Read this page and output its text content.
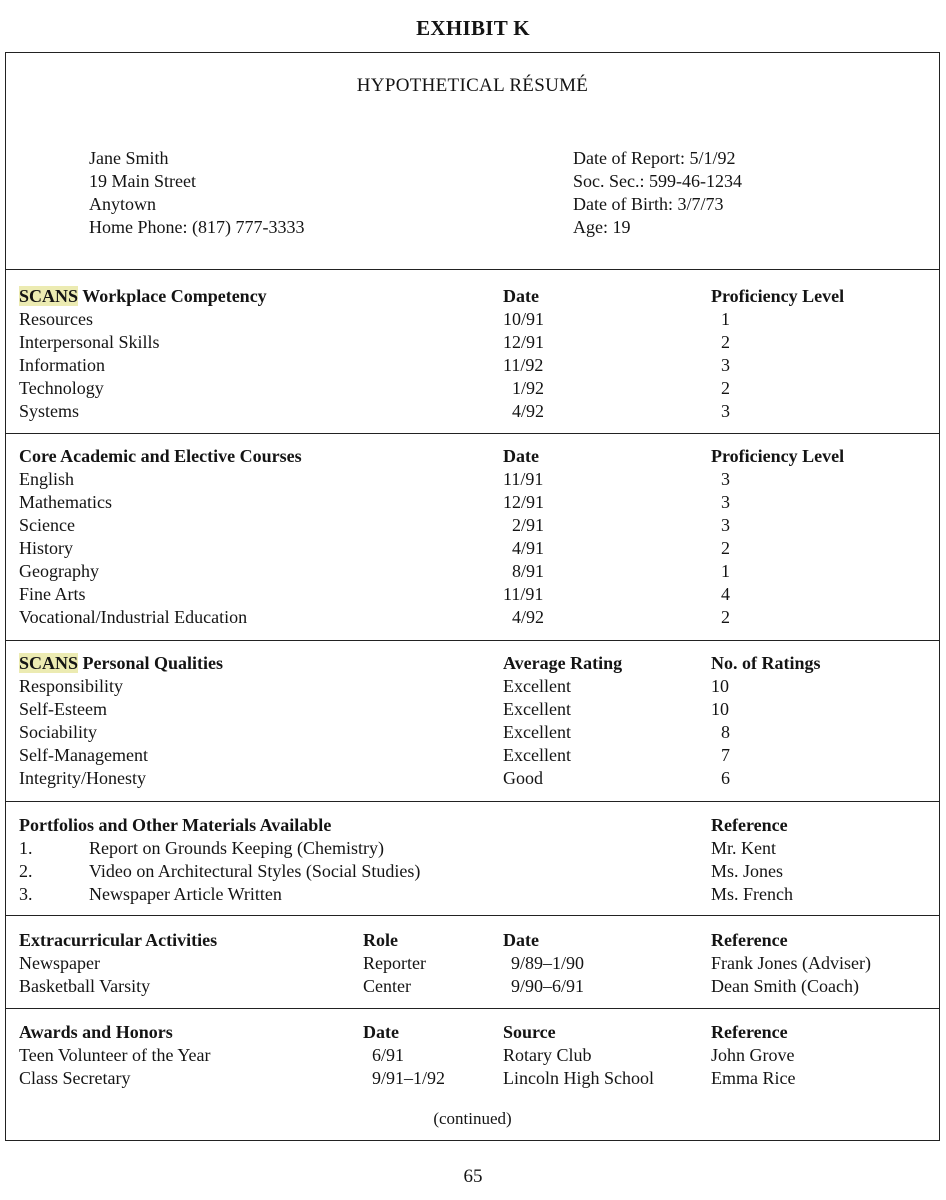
EXHIBIT K
HYPOTHETICAL RÉSUMÉ
Jane Smith
19 Main Street
Anytown
Home Phone: (817) 777-3333
Date of Report: 5/1/92
Soc. Sec.: 599-46-1234
Date of Birth: 3/7/73
Age: 19
SCANS Workplace Competency	Date	Proficiency Level
Resources	10/91	1
Interpersonal Skills	12/91	2
Information	11/92	3
Technology	1/92	2
Systems	4/92	3
Core Academic and Elective Courses	Date	Proficiency Level
English	11/91	3
Mathematics	12/91	3
Science	2/91	3
History	4/91	2
Geography	8/91	1
Fine Arts	11/91	4
Vocational/Industrial Education	4/92	2
SCANS Personal Qualities	Average Rating	No. of Ratings
Responsibility	Excellent	10
Self-Esteem	Excellent	10
Sociability	Excellent	8
Self-Management	Excellent	7
Integrity/Honesty	Good	6
Portfolios and Other Materials Available	Reference
1.	Report on Grounds Keeping (Chemistry)	Mr. Kent
2.	Video on Architectural Styles (Social Studies)	Ms. Jones
3.	Newspaper Article Written	Ms. French
Extracurricular Activities	Role	Date	Reference
Newspaper	Reporter	9/89–1/90	Frank Jones (Adviser)
Basketball Varsity	Center	9/90–6/91	Dean Smith (Coach)
Awards and Honors	Date	Source	Reference
Teen Volunteer of the Year	6/91	Rotary Club	John Grove
Class Secretary	9/91–1/92	Lincoln High School	Emma Rice
(continued)
65
